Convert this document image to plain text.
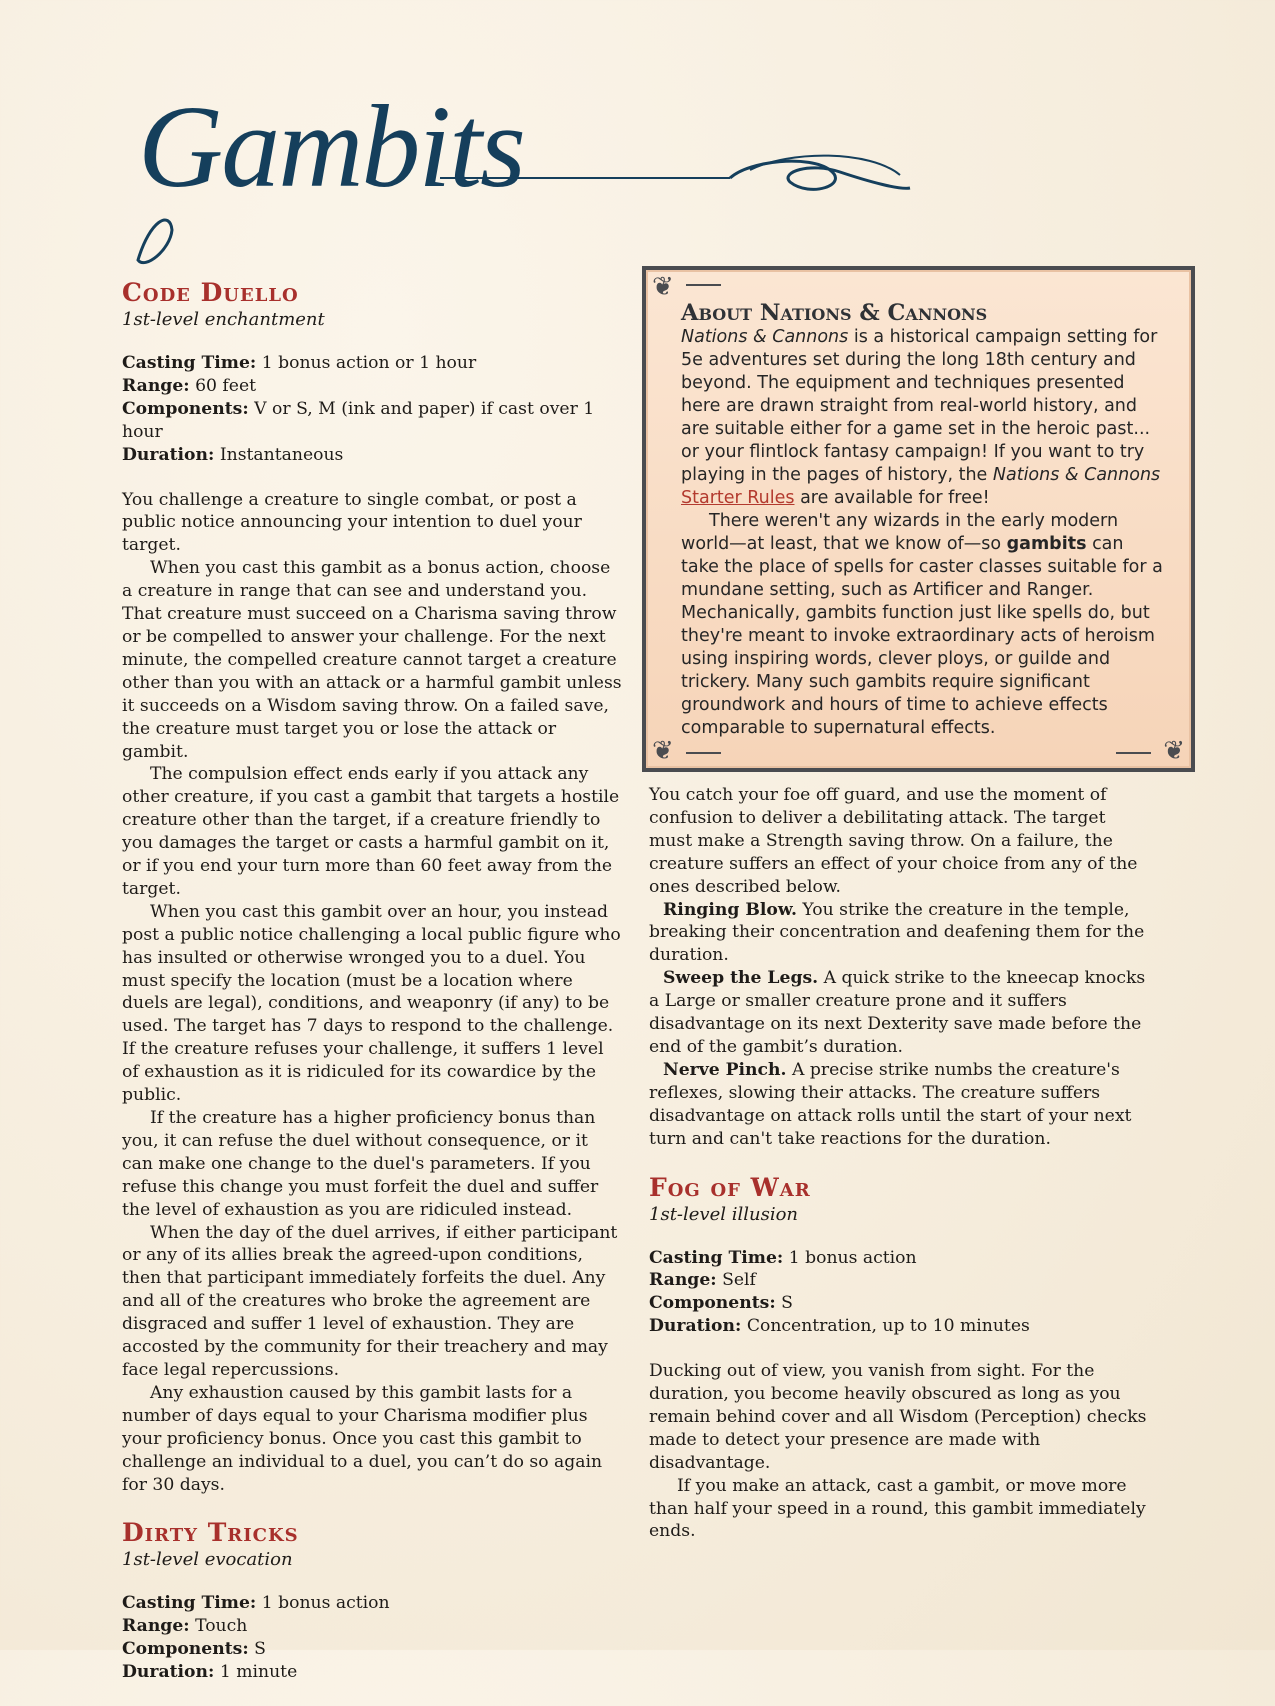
Gambits
Code Duello

1st-level enchantment

Casting Time: 1 bonus action or 1 hour

Range: 60 feet

Components: V or S, M (ink and paper) if cast over 1 hour

Duration: Instantaneous

You challenge a creature to single combat, or post a public notice announcing your intention to duel your target.

When you cast this gambit as a bonus action, choose a creature in range that can see and understand you. That creature must succeed on a Charisma saving throw or be compelled to answer your challenge. For the next minute, the compelled creature cannot target a creature other than you with an attack or a harmful gambit unless it succeeds on a Wisdom saving throw. On a failed save, the creature must target you or lose the attack or gambit.

The compulsion effect ends early if you attack any other creature, if you cast a gambit that targets a hostile creature other than the target, if a creature friendly to you damages the target or casts a harmful gambit on it, or if you end your turn more than 60 feet away from the target.

When you cast this gambit over an hour, you instead post a public notice challenging a local public figure who has insulted or otherwise wronged you to a duel. You must specify the location (must be a location where duels are legal), conditions, and weaponry (if any) to be used. The target has 7 days to respond to the challenge. If the creature refuses your challenge, it suffers 1 level of exhaustion as it is ridiculed for its cowardice by the public.

If the creature has a higher proficiency bonus than you, it can refuse the duel without consequence, or it can make one change to the duel's parameters. If you refuse this change you must forfeit the duel and suffer the level of exhaustion as you are ridiculed instead.

When the day of the duel arrives, if either participant or any of its allies break the agreed-upon conditions, then that participant immediately forfeits the duel. Any and all of the creatures who broke the agreement are disgraced and suffer 1 level of exhaustion. They are accosted by the community for their treachery and may face legal repercussions.

Any exhaustion caused by this gambit lasts for a number of days equal to your Charisma modifier plus your proficiency bonus. Once you cast this gambit to challenge an individual to a duel, you can’t do so again for 30 days.

Dirty Tricks

1st-level evocation

Casting Time: 1 bonus action

Range: Touch

Components: S

Duration: 1 minute

❦
❦	❦
About Nations & Cannons

Nations & Cannons is a historical campaign setting for 5e adventures set during the long 18th century and beyond. The equipment and techniques presented here are drawn straight from real-world history, and are suitable either for a game set in the heroic past... or your flintlock fantasy campaign! If you want to try playing in the pages of history, the Nations & Cannons Starter Rules are available for free!

There weren't any wizards in the early modern world—at least, that we know of—so gambits can take the place of spells for caster classes suitable for a mundane setting, such as Artificer and Ranger. Mechanically, gambits function just like spells do, but they're meant to invoke extraordinary acts of heroism using inspiring words, clever ploys, or guilde and trickery. Many such gambits require significant groundwork and hours of time to achieve effects comparable to supernatural effects.

You catch your foe off guard, and use the moment of confusion to deliver a debilitating attack. The target must make a Strength saving throw. On a failure, the creature suffers an effect of your choice from any of the ones described below.

Ringing Blow. You strike the creature in the temple, breaking their concentration and deafening them for the duration.

Sweep the Legs. A quick strike to the kneecap knocks a Large or smaller creature prone and it suffers disadvantage on its next Dexterity save made before the end of the gambit’s duration.

Nerve Pinch. A precise strike numbs the creature's reflexes, slowing their attacks. The creature suffers disadvantage on attack rolls until the start of your next turn and can't take reactions for the duration.

Fog of War

1st-level illusion

Casting Time: 1 bonus action

Range: Self

Components: S

Duration: Concentration, up to 10 minutes

Ducking out of view, you vanish from sight. For the duration, you become heavily obscured as long as you remain behind cover and all Wisdom (Perception) checks made to detect your presence are made with disadvantage.

If you make an attack, cast a gambit, or move more than half your speed in a round, this gambit immediately ends.
